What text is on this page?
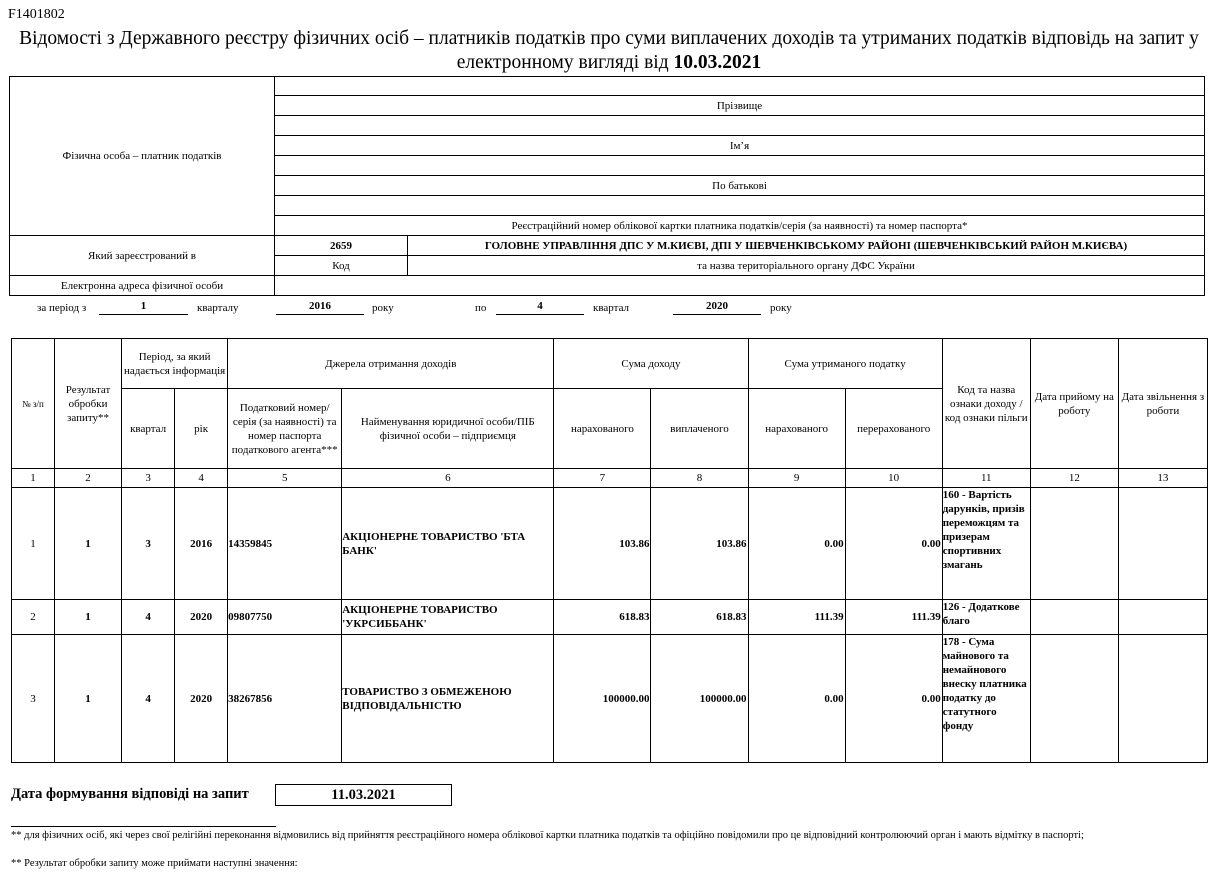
F1401802
Відомості з Державного реєстру фізичних осіб – платників податків про суми виплачених доходів та утриманих податків відповідь на запит у
електронному вигляді від 10.03.2021
Фізична особа – платник податків		
	Прізвище	

	Ім’я	

	По батькові	

	Реєстраційний номер облікової картки платника податків/серія (за наявності) та номер паспорта*	
Який зареєстрований в	2659	ГОЛОВНЕ УПРАВЛІННЯ ДПС У М.КИЄВІ, ДПІ У ШЕВЧЕНКІВСЬКОМУ РАЙОНІ (ШЕВЧЕНКІВСЬКИЙ РАЙОН М.КИЄВА)
	Код	та назва територіального органу ДФС України
Електронна адреса фізичної особи		
за період з	1	кварталу	2016	року	по	4	квартал	2020	року
№ з/п	Результат обробки запиту**	Період, за який надається інформація		Джерела отримання доходів		Сума доходу		Сума утриманого податку		Код та назва ознаки доходу / код ознаки пільги	Дата прийому на роботу	Дата звільнення з роботи
		квартал	рік	Податковий номер/ серія (за наявності) та номер паспорта податкового агента***	Найменування юридичної особи/ПІБ фізичної особи – підприємця	нарахованого	виплаченого	нарахованого	перерахованого			
1	2	3	4	5	6	7	8	9	10	11	12	13
1	1	3	2016	14359845	АКЦІОНЕРНЕ ТОВАРИСТВО 'БТА БАНК'	103.86	103.86	0.00	0.00	160 - Вартість дарунків, призів переможцям та призерам спортивних змагань		
2	1	4	2020	09807750	АКЦІОНЕРНЕ ТОВАРИСТВО 'УКРСИББАНК'	618.83	618.83	111.39	111.39	126 - Додаткове благо		
3	1	4	2020	38267856	ТОВАРИСТВО З ОБМЕЖЕНОЮ ВІДПОВІДАЛЬНІСТЮ	100000.00	100000.00	0.00	0.00	178 - Сума майнового та немайнового внеску платника податку до статутного фонду		
Дата формування відповіді на запит	11.03.2021
** для фізичних осіб, які через свої релігійні переконання відмовились від прийняття реєстраційного номера облікової картки платника податків та офіційно повідомили про це відповідний контролюючий орган і мають відмітку в паспорті;
** Результат обробки запиту може приймати наступні значення:
